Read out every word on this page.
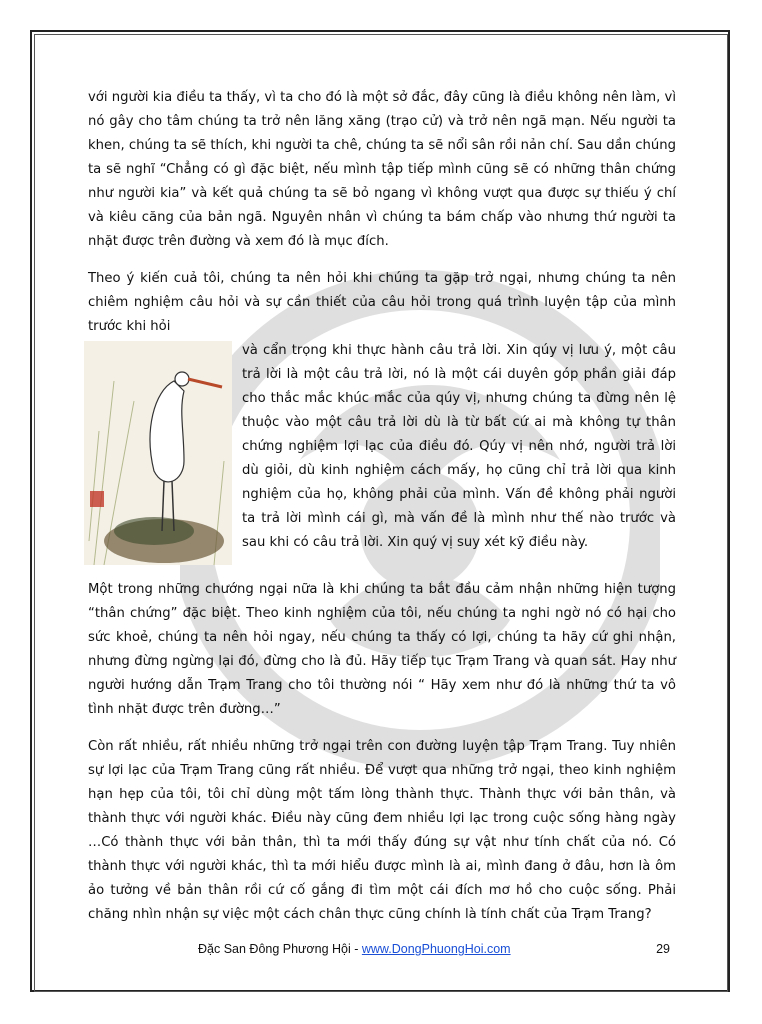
với người kia điều ta thấy, vì ta cho đó là một sở đắc, đây cũng là điều không nên làm, vì nó gây cho tâm chúng ta trở nên lăng xăng (trạo cử) và trở nên ngã mạn. Nếu người ta khen, chúng ta sẽ thích, khi người ta chê, chúng ta sẽ nổi sân rồi nản chí. Sau dần chúng ta sẽ nghĩ “Chẳng có gì đặc biệt, nếu mình tập tiếp mình cũng sẽ có những thân chứng như người kia” và kết quả chúng ta sẽ bỏ ngang vì không vượt qua được sự thiếu ý chí và kiêu căng của bản ngã. Nguyên nhân vì chúng ta bám chấp vào nhưng thứ người ta nhặt được trên đường và xem đó là mục đích.

Theo ý kiến cuả tôi, chúng ta nên hỏi khi chúng ta gặp trở ngại, nhưng chúng ta nên chiêm nghiệm câu hỏi và sự cần thiết của câu hỏi trong quá trình luyện tập của mình trước khi hỏi

và cẩn trọng khi thực hành câu trả lời. Xin qúy vị lưu ý, một câu trả lời là một câu trả lời, nó là một cái duyên góp phần giải đáp cho thắc mắc khúc mắc của qúy vị, nhưng chúng ta đừng nên lệ thuộc vào một câu trả lời dù là từ bất cứ ai mà không tự thân chứng nghiệm lợi lạc của điều đó. Qúy vị nên nhớ, người trả lời dù giỏi, dù kinh nghiệm cách mấy, họ cũng chỉ trả lời qua kinh nghiệm của họ, không phải của mình. Vấn đề không phải người ta trả lời mình cái gì, mà vấn đề là mình như thế nào trước và sau khi có câu trả lời. Xin quý vị suy xét kỹ điều này.

Một trong những chướng ngại nữa là khi chúng ta bắt đầu cảm nhận những hiện tượng “thân chứng” đặc biệt. Theo kinh nghiệm của tôi, nếu chúng ta nghi ngờ nó có hại cho sức khoẻ, chúng ta nên hỏi ngay, nếu chúng ta thấy có lợi, chúng ta hãy cứ ghi nhận, nhưng đừng ngừng lại đó, đừng cho là đủ. Hãy tiếp tục Trạm Trang và quan sát. Hay như người hướng dẫn Trạm Trang cho tôi thường nói “ Hãy xem như đó là những thứ ta vô tình nhặt được trên đường…”

Còn rất nhiều, rất nhiều những trở ngại trên con đường luyện tập Trạm Trang. Tuy nhiên sự lợi lạc của Trạm Trang cũng rất nhiều. Để vượt qua những trở ngại, theo kinh nghiệm hạn hẹp của tôi, tôi chỉ dùng một tấm lòng thành thực. Thành thực với bản thân, và thành thực với người khác. Điều này cũng đem nhiều lợi lạc trong cuộc sống hàng ngày …Có thành thực với bản thân, thì ta mới thấy đúng sự vật như tính chất của nó. Có thành thực với người khác, thì ta mới hiểu được mình là ai, mình đang ở đâu, hơn là ôm ảo tưởng về bản thân rồi cứ cố gắng đi tìm một cái đích mơ hồ cho cuộc sống. Phải chăng nhìn nhận sự việc một cách chân thực cũng chính là tính chất của Trạm Trang?

Đặc San Đông Phương Hội - www.DongPhuongHoi.com	29
